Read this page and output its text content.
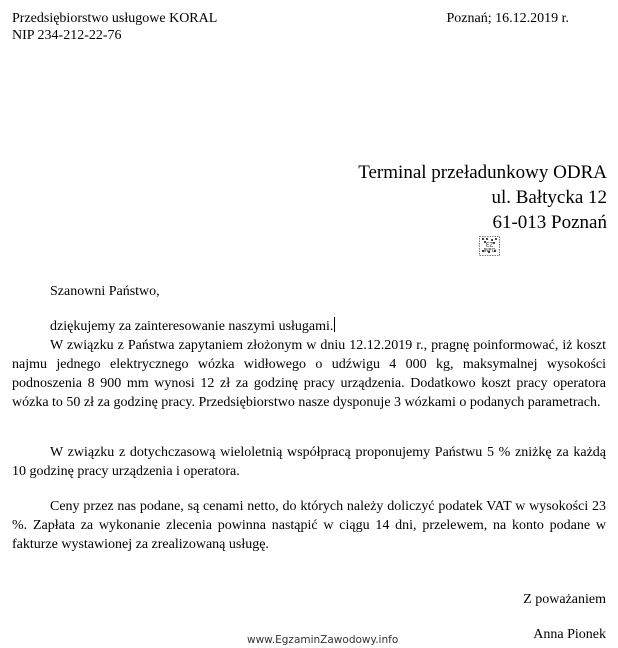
Przedsiębiorstwo usługowe KORAL
NIP 234-212-22-76
Poznań; 16.12.2019 r.
Terminal przeładunkowy ODRA
ul. Bałtycka 12
61-013 Poznań
EZ
INFO
Szanowni Państwo,
dziękujemy za zainteresowanie naszymi usługami.
W związku z Państwa zapytaniem złożonym w dniu 12.12.2019 r., pragnę poinformować, iż koszt najmu jednego elektrycznego wózka widłowego o udźwigu 4 000 kg, maksymalnej wysokości podnoszenia 8 900 mm wynosi 12 zł za godzinę pracy urządzenia. Dodatkowo koszt pracy operatora wózka to 50 zł za godzinę pracy. Przedsiębiorstwo nasze dysponuje 3 wózkami o podanych parametrach.
W związku z dotychczasową wieloletnią współpracą proponujemy Państwu 5 % zniżkę za każdą 10 godzinę pracy urządzenia i operatora.
Ceny przez nas podane, są cenami netto, do których należy doliczyć podatek VAT w wysokości 23 %. Zapłata za wykonanie zlecenia powinna nastąpić w ciągu 14 dni, przelewem, na konto podane w fakturze wystawionej za zrealizowaną usługę.
Z poważaniem
Anna Pionek
www.EgzaminZawodowy.info
